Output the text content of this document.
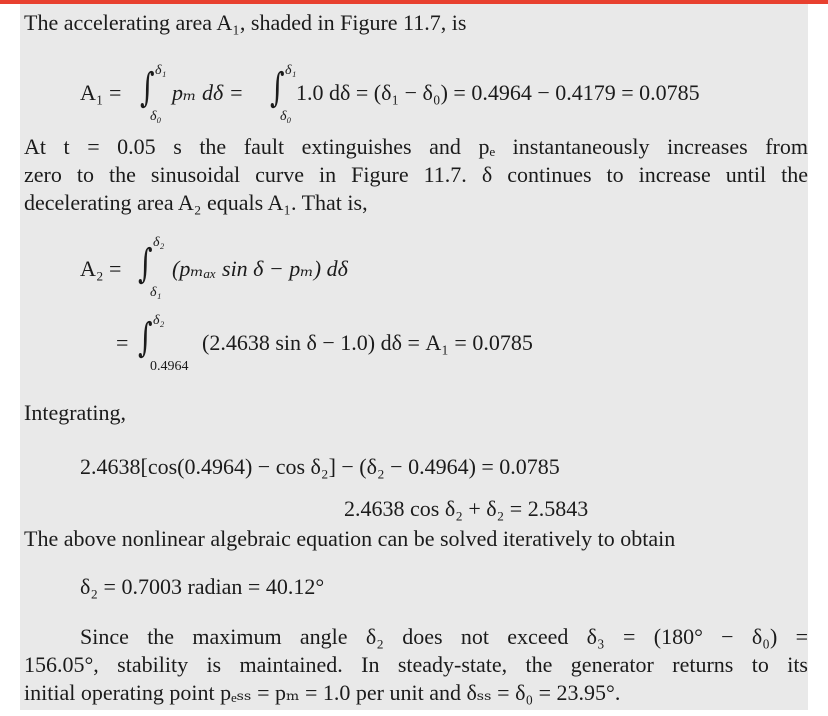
The accelerating area A₁, shaded in Figure 11.7, is
A₁ = ∫ δ₁
δ₀
pₘ dδ = ∫ δ₁
δ₀
1.0 dδ = (δ₁ − δ₀) = 0.4964 − 0.4179 = 0.0785
At t = 0.05 s the fault extinguishes and pₑ instantaneously increases from
zero to the sinusoidal curve in Figure 11.7. δ continues to increase until the
decelerating area A₂ equals A₁. That is,
A₂ = ∫ δ₂
δ₁
(pₘₐₓ sin δ − pₘ) dδ
= ∫ δ₂
0.4964
(2.4638 sin δ − 1.0) dδ = A₁ = 0.0785
Integrating,
2.4638[cos(0.4964) − cos δ₂] − (δ₂ − 0.4964) = 0.0785
2.4638 cos δ₂ + δ₂ = 2.5843
The above nonlinear algebraic equation can be solved iteratively to obtain
δ₂ = 0.7003 radian = 40.12°
Since the maximum angle δ₂ does not exceed δ₃ = (180° − δ₀) =
156.05°, stability is maintained. In steady-state, the generator returns to its
initial operating point pₑₛₛ = pₘ = 1.0 per unit and δₛₛ = δ₀ = 23.95°.
